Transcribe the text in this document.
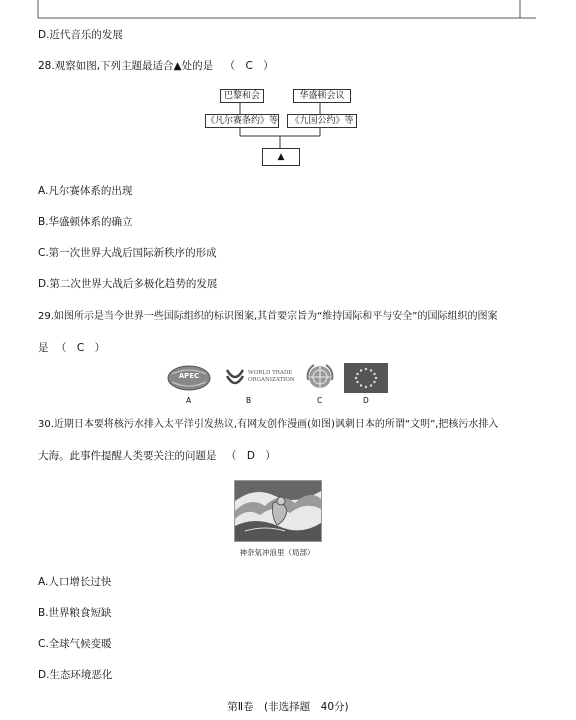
D.近代音乐的发展
28.观察如图,下列主题最适合▲处的是 （　C　）
巴黎和会	华盛顿会议
《凡尔赛条约》等	《九国公约》等
▲
A.凡尔赛体系的出现
B.华盛顿体系的确立
C.第一次世界大战后国际新秩序的形成
D.第二次世界大战后多极化趋势的发展
29.如图所示是当今世界一些国际组织的标识图案,其首要宗旨为“维持国际和平与安全”的国际组织的图案
是 （　C　）
APEC	WORLD TRADE ORGANIZATION
A	B	C	D
30.近期日本要将核污水排入太平洋引发热议,有网友创作漫画(如图)讽刺日本的所谓“文明”,把核污水排入
大海。此事件提醒人类要关注的问题是 （　D　）
神奈氚冲浪里（局部）
A.人口增长过快
B.世界粮食短缺
C.全球气候变暖
D.生态环境恶化
第Ⅱ卷　(非选择题　40分)
